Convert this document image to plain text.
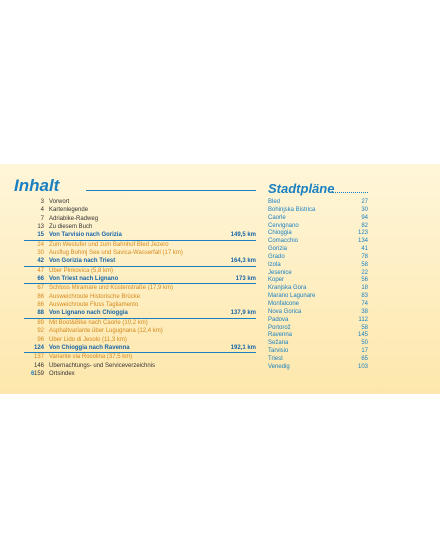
Inhalt	Stadtpläne
3 Vorwort
4 Kartenlegende
7 Adriabike-Radweg
13 Zu diesem Buch
15 Von Tarvisio nach Gorizia	149,5 km
24 Zum Westufer und zum Bahnhof Bled Jezero
30 Ausflug Bohinj See und Savica-Wasserfall (17 km)
42 Von Gorizia nach Triest	164,3 km
47 Über Plnkovica (5,8 km)
66 Von Triest nach Lignano	173 km
67 Schloss Miramare und Küstenstraße (17,9 km)
86 Ausweichroute Historische Brücke
86 Ausweichroute Fluss Tagliamento
88 Von Lignano nach Chioggia	137,9 km
89 Mit Boot&Bike nach Caorle (10,2 km)
92 Asphaltvariante über Lugugnana (12,4 km)
96 Über Lido di Jesolo (11,3 km)
124 Von Chioggia nach Ravenna	192,1 km
137 Variante via Rosolina (37,5 km)
146 Übernachtungs- und Serviceverzeichnis
159 Ortsindex
Bled	27
Bohinjska Bistrica	30
Caorle	94
Cervignano	82
Chioggia	123
Comacchio	134
Gorizia	41
Grado	78
Izola	58
Jesenice	22
Koper	56
Kranjska Gora	18
Marano Lagunare	83
Monfalcone	74
Nova Gorica	38
Padova	112
Portorož	58
Ravenna	145
Sežana	50
Tarvisio	17
Triest	65
Venedig	103
6
